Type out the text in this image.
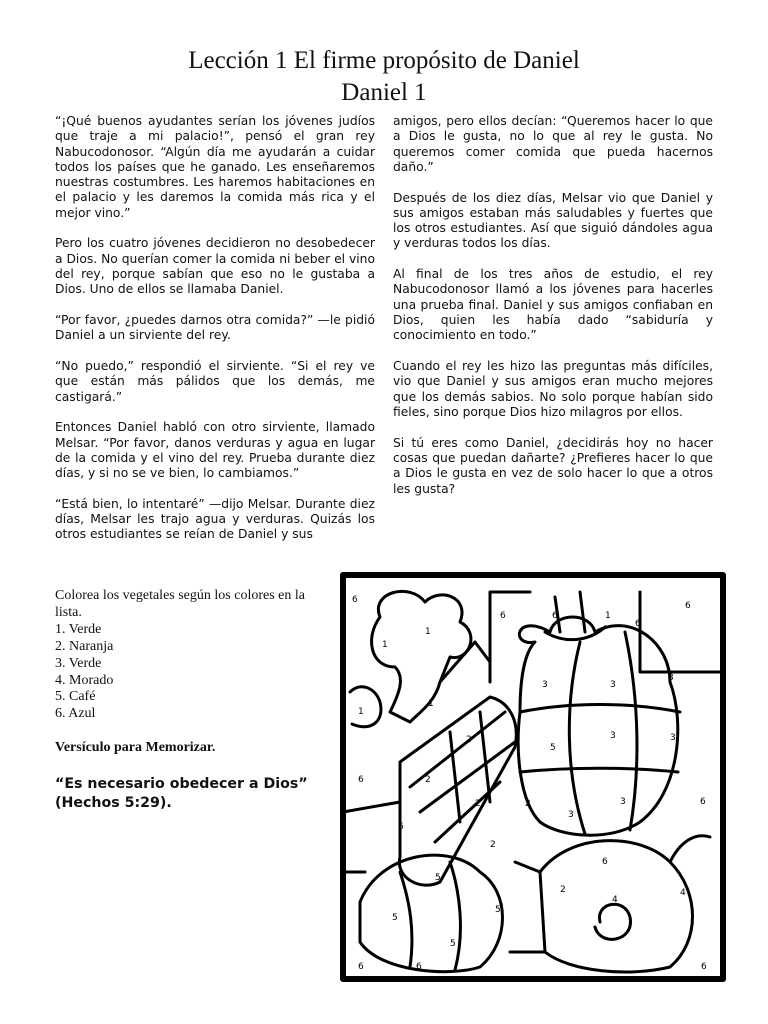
Lección 1 El firme propósito de Daniel
Daniel 1

“¡Qué buenos ayudantes serían los jóvenes judíos que traje a mi palacio!”, pensó el gran rey Nabucodonosor. “Algún día me ayudarán a cuidar todos los países que he ganado. Les enseñaremos nuestras costumbres. Les haremos habitaciones en el palacio y les daremos la comida más rica y el mejor vino.”

Pero los cuatro jóvenes decidieron no desobedecer a Dios. No querían comer la comida ni beber el vino del rey, porque sabían que eso no le gustaba a Dios. Uno de ellos se llamaba Daniel.

“Por favor, ¿puedes darnos otra comida?” —le pidió Daniel a un sirviente del rey.

“No puedo,” respondió el sirviente. “Si el rey ve que están más pálidos que los demás, me castigará.”

Entonces Daniel habló con otro sirviente, llamado Melsar. “Por favor, danos verduras y agua en lugar de la comida y el vino del rey. Prueba durante diez días, y si no se ve bien, lo cambiamos.”

“Está bien, lo intentaré” —dijo Melsar. Durante diez días, Melsar les trajo agua y verduras. Quizás los otros estudiantes se reían de Daniel y sus

amigos, pero ellos decían: “Queremos hacer lo que a Dios le gusta, no lo que al rey le gusta. No queremos comer comida que pueda hacernos daño.”

Después de los diez días, Melsar vio que Daniel y sus amigos estaban más saludables y fuertes que los otros estudiantes. Así que siguió dándoles agua y verduras todos los días.

Al final de los tres años de estudio, el rey Nabucodonosor llamó a los jóvenes para hacerles una prueba final. Daniel y sus amigos confiaban en Dios, quien les había dado “sabiduría y conocimiento en todo.”

Cuando el rey les hizo las preguntas más difíciles, vio que Daniel y sus amigos eran mucho mejores que los demás sabios. No solo porque habían sido fieles, sino porque Dios hizo milagros por ellos.

Si tú eres como Daniel, ¿decidirás hoy no hacer cosas que puedan dañarte? ¿Prefieres hacer lo que a Dios le gusta en vez de solo hacer lo que a otros les gusta?

Colorea los vegetales según los colores en la lista.
1. Verde
2. Naranja
3. Verde
4. Morado
5. Café
6. Azul
Versículo para Memorizar.
“Es necesario obedecer a Dios” (Hechos 5:29).
6
6	6
1
6
1
1
6
1
3	3
3
1
2
5
3	3
6	2
2	2
3
3	6
6
2
6
4
5
2
4
5
5
5
6	6	6
